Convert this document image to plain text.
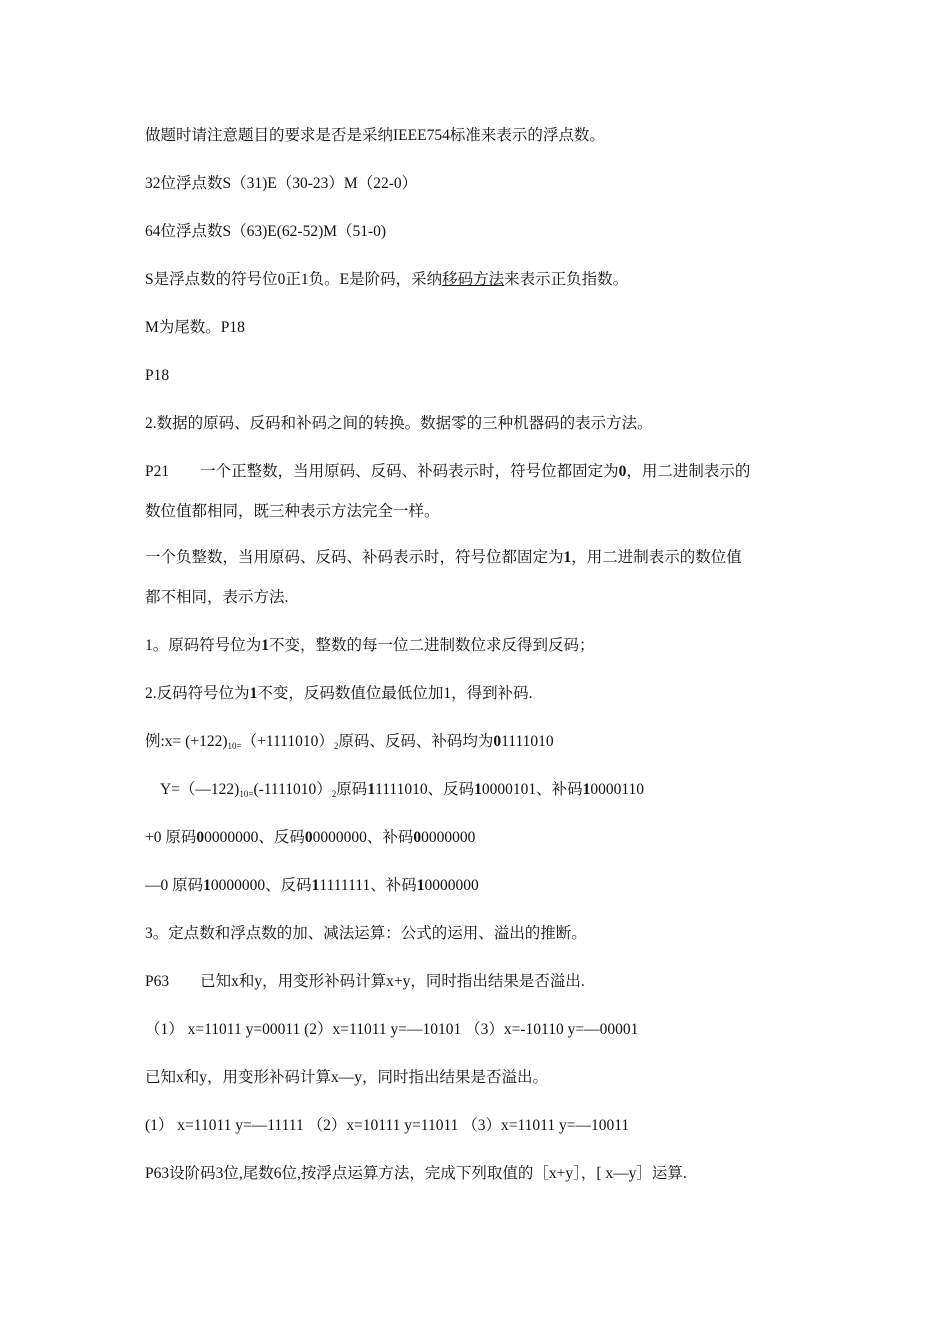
做题时请注意题目的要求是否是采纳IEEE754标准来表示的浮点数。
32位浮点数S（31)E（30-23）M（22-0）
64位浮点数S（63)E(62-52)M（51-0)
S是浮点数的符号位0正1负。E是阶码，采纳移码方法来表示正负指数。
M为尾数。P18
P18
2.数据的原码、反码和补码之间的转换。数据零的三种机器码的表示方法。
P21　　一个正整数，当用原码、反码、补码表示时，符号位都固定为0，用二进制表示的
数位值都相同，既三种表示方法完全一样。
一个负整数，当用原码、反码、补码表示时，符号位都固定为1，用二进制表示的数位值
都不相同，表示方法.
1。原码符号位为1不变，整数的每一位二进制数位求反得到反码；
2.反码符号位为1不变，反码数值位最低位加1，得到补码.
例:x= $(+122)_{10=}(+1111010)_2$原码、反码、补码均为01111010
$Y=(—122)_{10=}(-1111010)_2$原码11111010、反码10000101、补码10000110
+0 原码00000000、反码00000000、补码00000000
—0 原码10000000、反码11111111、补码10000000
3。定点数和浮点数的加、减法运算：公式的运用、溢出的推断。
P63　　已知x和y，用变形补码计算x+y，同时指出结果是否溢出.
（1） x=11011 y=00011 (2）x=11011 y=—10101 （3）x=-10110 y=—00001
已知x和y，用变形补码计算x—y，同时指出结果是否溢出。
(1） x=11011 y=—11111 （2）x=10111 y=11011 （3）x=11011 y=—10011
P63设阶码3位,尾数6位,按浮点运算方法，完成下列取值的［x+y］，[ x—y］运算.
